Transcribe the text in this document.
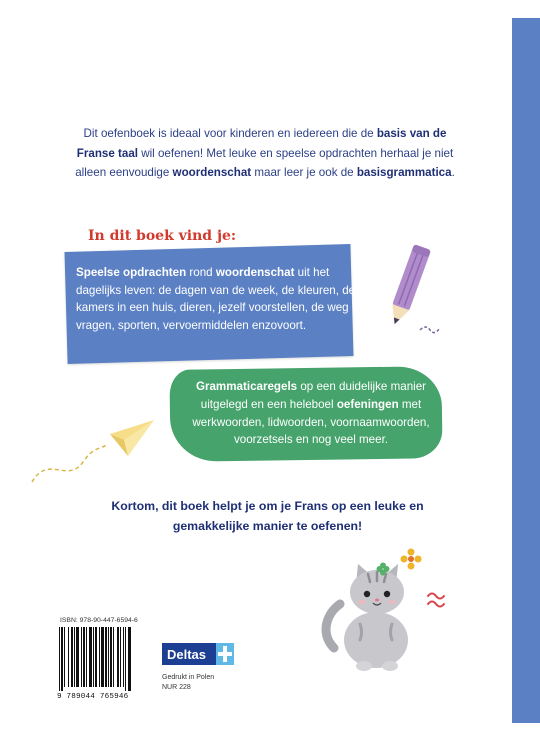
Dit oefenboek is ideaal voor kinderen en iedereen die de basis van de Franse taal wil oefenen! Met leuke en speelse opdrachten herhaal je niet alleen eenvoudige woordenschat maar leer je ook de basisgrammatica.
In dit boek vind je:
Speelse opdrachten rond woordenschat uit het dagelijks leven: de dagen van de week, de kleuren, de kamers in een huis, dieren, jezelf voorstellen, de weg vragen, sporten, vervoermiddelen enzovoort.
Grammaticaregels op een duidelijke manier uitgelegd en een heleboel oefeningen met werkwoorden, lidwoorden, voornaamwoorden, voorzetsels en nog veel meer.
Kortom, dit boek helpt je om je Frans op een leuke en gemakkelijke manier te oefenen!
ISBN: 978-90-447-6594-6
9 789044 765946
Deltas
Gedrukt in Polen
NUR 228
